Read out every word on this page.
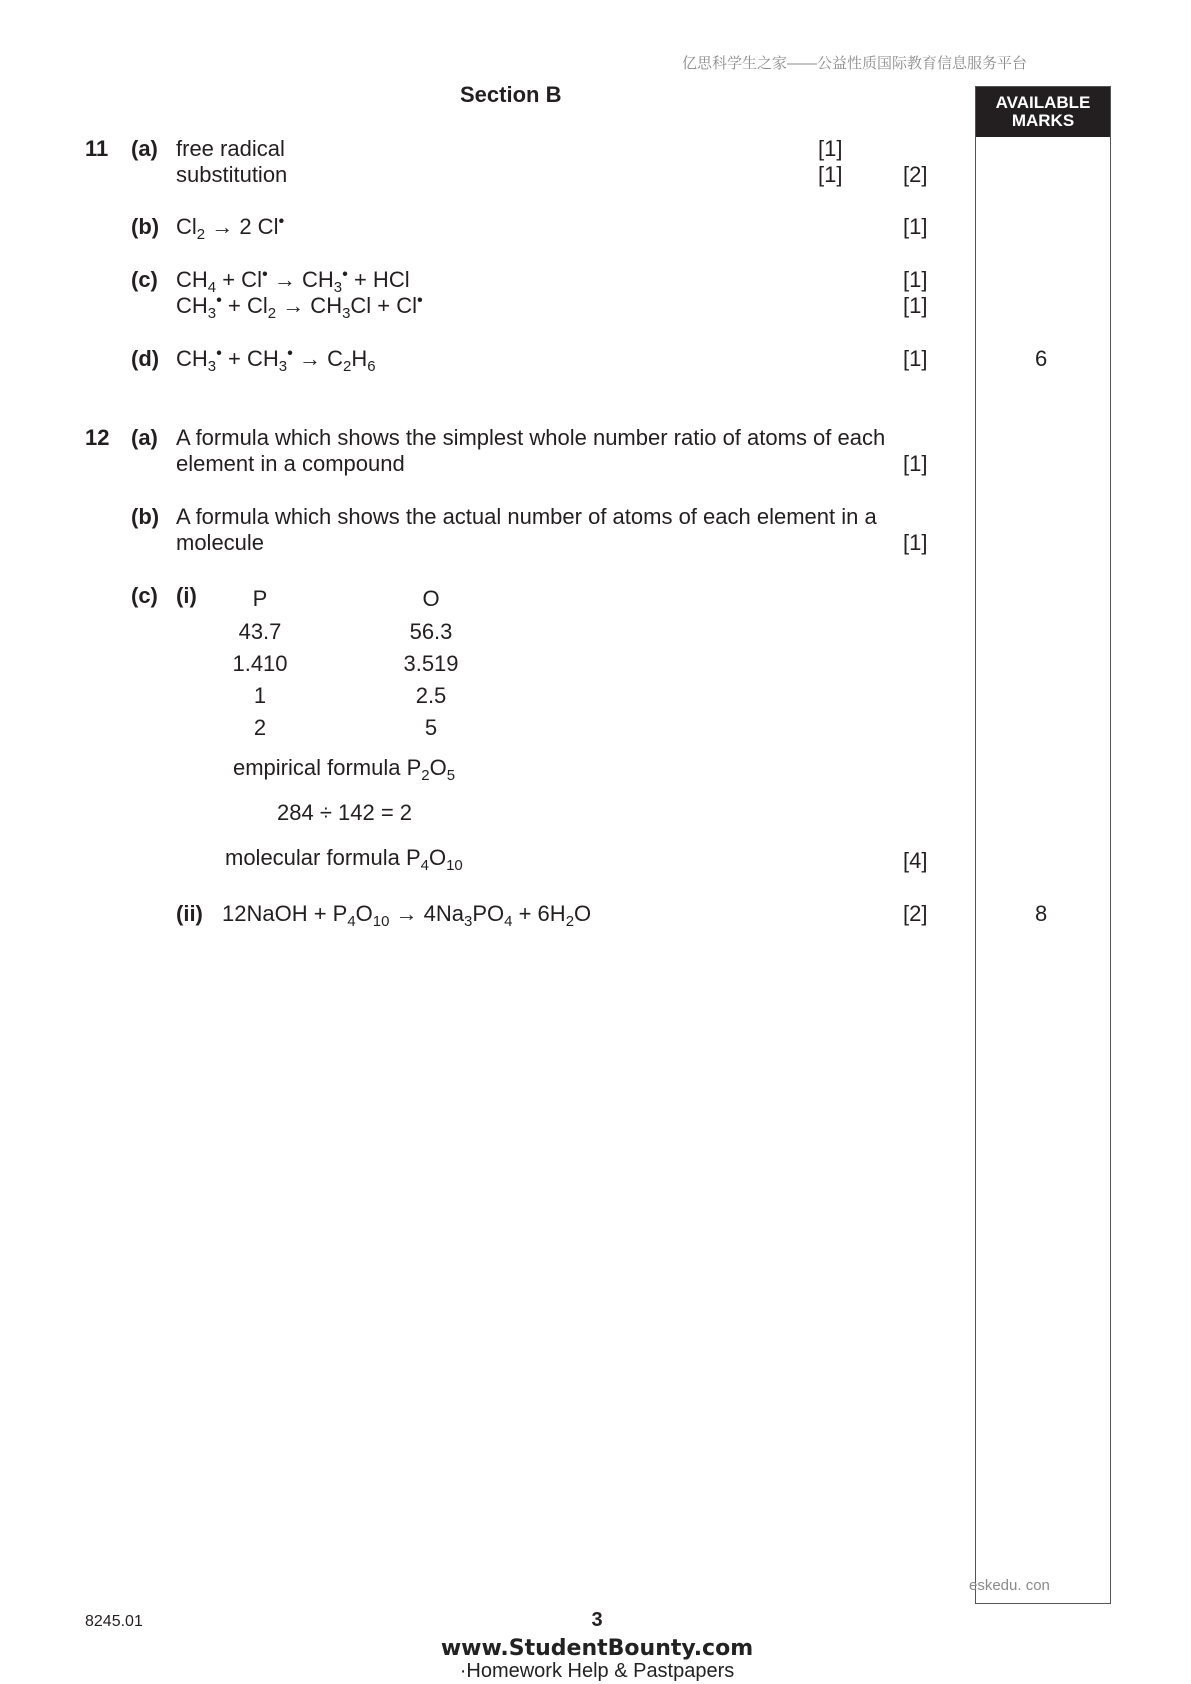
亿思科学生之家——公益性质国际教育信息服务平台
Section B	AVAILABLE
MARKS
11 (a) free radical	[1]
substitution	[1]	[2]
(b) $Cl_2 \to 2$ Cl•	[1]
(c) $CH_4 + Cl^• \to CH_3^•$ + HCl	[1]
$CH_3^• + Cl_2 \to CH_3Cl + Cl^•$	[1]
(d) $CH_3^• + CH_3^• \to C_2H_6$	[1]	6
12 (a) A formula which shows the simplest whole number ratio of atoms of each
element in a compound	[1]
(b) A formula which shows the actual number of atoms of each element in a
molecule	[1]
(c) (i)	P	O
43.7	56.3
1.410	3.519
1	2.5
2	5
empirical formula $P_2O_5$
284 ÷ 142 = 2
molecular formula $P_4O_{10}$	[4]
(ii) 12NaOH + $P_4O_{10} \to 4Na_3PO_4 + 6H_2O$	[2]	8
eskedu. con
8245.01	3
www.StudentBounty.com
·Homework Help & Pastpapers
